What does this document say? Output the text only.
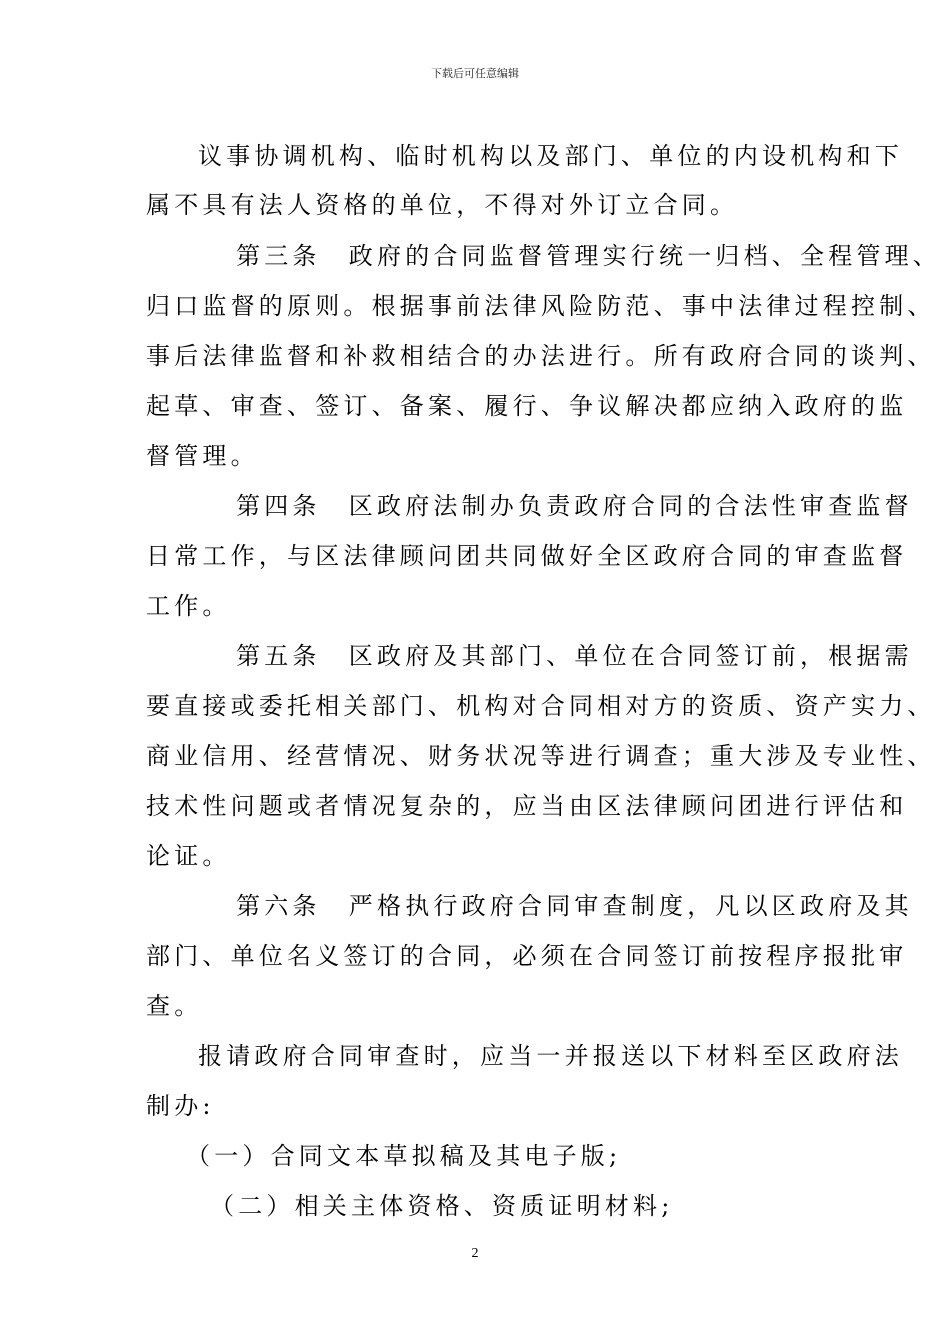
下载后可任意编辑
议事协调机构、临时机构以及部门、单位的内设机构和下
属不具有法人资格的单位，不得对外订立合同。
第三条　政府的合同监督管理实行统一归档、全程管理、
归口监督的原则。根据事前法律风险防范、事中法律过程控制、
事后法律监督和补救相结合的办法进行。所有政府合同的谈判、
起草、审查、签订、备案、履行、争议解决都应纳入政府的监
督管理。
第四条　区政府法制办负责政府合同的合法性审查监督
日常工作，与区法律顾问团共同做好全区政府合同的审查监督
工作。
第五条　区政府及其部门、单位在合同签订前，根据需
要直接或委托相关部门、机构对合同相对方的资质、资产实力、
商业信用、经营情况、财务状况等进行调查；重大涉及专业性、
技术性问题或者情况复杂的，应当由区法律顾问团进行评估和
论证。
第六条　严格执行政府合同审查制度，凡以区政府及其
部门、单位名义签订的合同，必须在合同签订前按程序报批审
查。
报请政府合同审查时，应当一并报送以下材料至区政府法
制办:
（一）合同文本草拟稿及其电子版;
（二）相关主体资格、资质证明材料;
2
